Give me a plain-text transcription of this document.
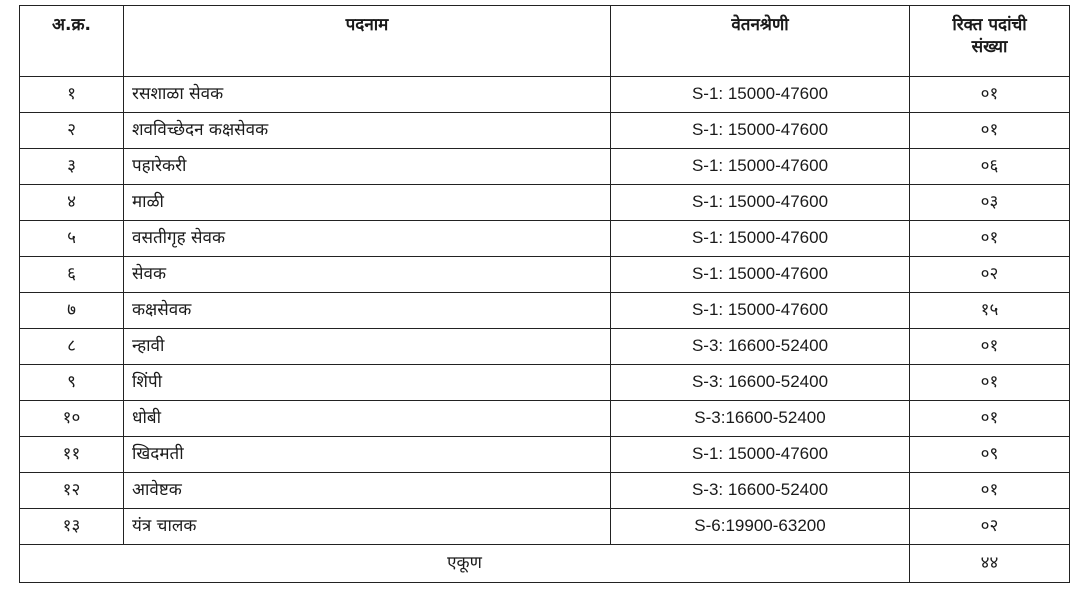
अ.क्र.	पदनाम	वेतनश्रेणी	रिक्त पदांची
संख्या
१	रसशाळा सेवक	S-1: 15000-47600	०१
२	शवविच्छेदन कक्षसेवक	S-1: 15000-47600	०१
३	पहारेकरी	S-1: 15000-47600	०६
४	माळी	S-1: 15000-47600	०३
५	वसतीगृह सेवक	S-1: 15000-47600	०१
६	सेवक	S-1: 15000-47600	०२
७	कक्षसेवक	S-1: 15000-47600	१५
८	न्हावी	S-3: 16600-52400	०१
९	शिंपी	S-3: 16600-52400	०१
१०	धोबी	S-3:16600-52400	०१
११	खिदमती	S-1: 15000-47600	०९
१२	आवेष्टक	S-3: 16600-52400	०१
१३	यंत्र चालक	S-6:19900-63200	०२
एकूण			४४
